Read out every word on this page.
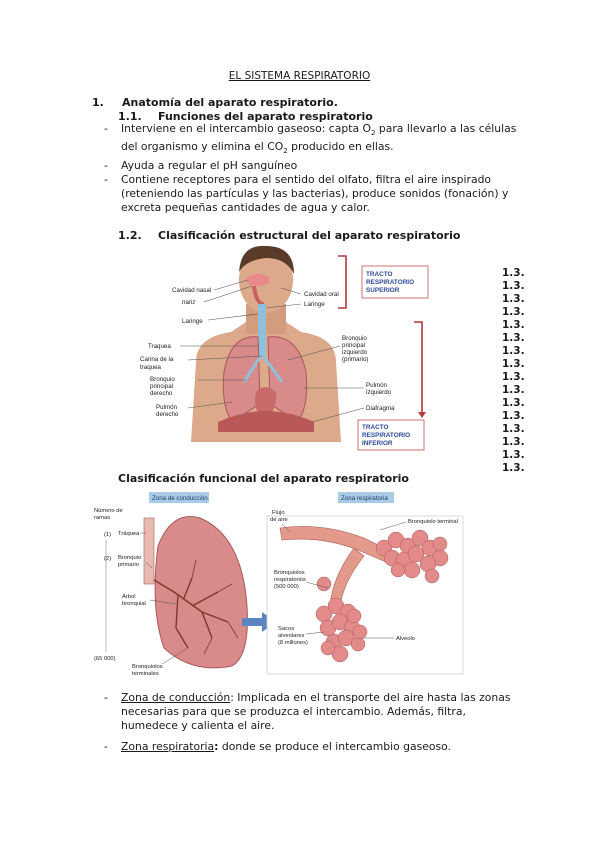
EL SISTEMA RESPIRATORIO
1. Anatomía del aparato respiratorio.
1.1. Funciones del aparato respiratorio
- Interviene en el intercambio gaseoso: capta $O_2$ para llevarlo a las células del organismo y elimina el $CO_2$ producido en ellas.
- Ayuda a regular el pH sanguíneo
- Contiene receptores para el sentido del olfato, filtra el aire inspirado (reteniendo las partículas y las bacterias), produce sonidos (fonación) y excreta pequeñas cantidades de agua y calor.
1.2. Clasificación estructural del aparato respiratorio
1.3.
1.3.
1.3.
1.3.
1.3.
1.3.
1.3.
1.3.
1.3.
1.3.
1.3.
1.3.
1.3.
1.3.
1.3.
1.3.
Cavidad nasal
nariz
Laringe
Cavidad oral
Laringe
Traquea
Carina de la
traquea
Bronquio
principal
derecho
Pulmón
derecho
Bronquio
principal
izquierdo
(primario)
Pulmón
izquierdo
Diafragma
TRACTO
RESPIRATORIO
SUPERIOR
TRACTO
RESPIRATORIO
INFERIOR
Clasificación funcional del aparato respiratorio
Zona de conducción	Zona respiratoria
Número de
ramas
(1)
(2)
(65 000)
Tráquea
Bronquio
primario
Árbol
bronquial
Bronquiolos
terminales
Flujo
de aire	Bronquiolo terminal
Bronquiolos
respiratorios
(500 000)
Sacos
alveolares
(8 millones)
Alveolo
- Zona de conducción: Implicada en el transporte del aire hasta las zonas necesarias para que se produzca el intercambio. Además, filtra, humedece y calienta el aire.
- Zona respiratoria: donde se produce el intercambio gaseoso.
